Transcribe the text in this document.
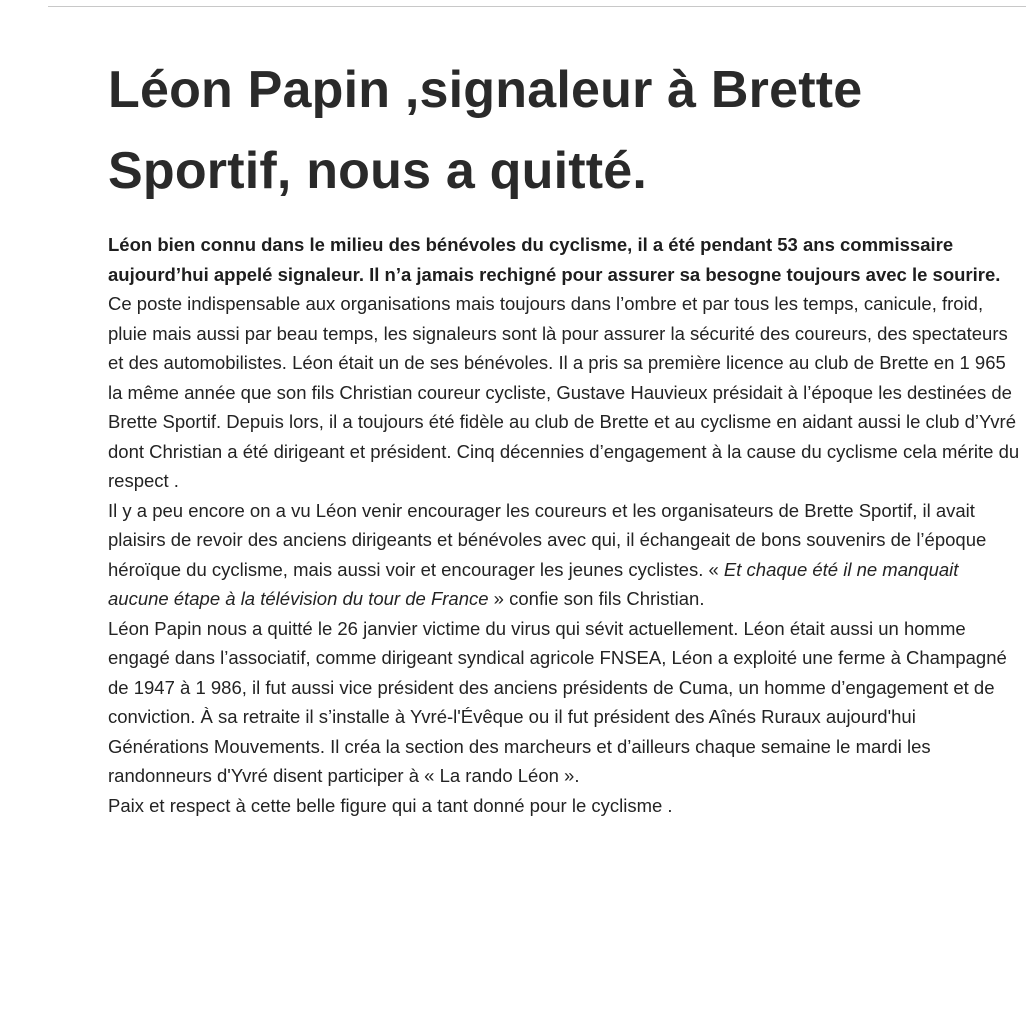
Léon Papin ,signaleur à Brette Sportif, nous a quitté.

Léon bien connu dans le milieu des bénévoles du cyclisme, il a été pendant 53 ans commissaire aujourd’hui appelé signaleur. Il n’a jamais rechigné pour assurer sa besogne toujours avec le sourire.

Ce poste indispensable aux organisations mais toujours dans l’ombre et par tous les temps, canicule, froid, pluie mais aussi par beau temps, les signaleurs sont là pour assurer la sécurité des coureurs, des spectateurs et des automobilistes. Léon était un de ses bénévoles. Il a pris sa première licence au club de Brette en 1 965 la même année que son fils Christian coureur cycliste, Gustave Hauvieux présidait à l’époque les destinées de Brette Sportif. Depuis lors, il a toujours été fidèle au club de Brette et au cyclisme en aidant aussi le club d’Yvré dont Christian a été dirigeant et président. Cinq décennies d’engagement à la cause du cyclisme cela mérite du respect .

Il y a peu encore on a vu Léon venir encourager les coureurs et les organisateurs de Brette Sportif, il avait plaisirs de revoir des anciens dirigeants et bénévoles avec qui, il échangeait de bons souvenirs de l’époque héroïque du cyclisme, mais aussi voir et encourager les jeunes cyclistes. « Et chaque été il ne manquait aucune étape à la télévision du tour de France » confie son fils Christian.

Léon Papin nous a quitté le 26 janvier victime du virus qui sévit actuellement. Léon était aussi un homme engagé dans l’associatif, comme dirigeant syndical agricole FNSEA, Léon a exploité une ferme à Champagné de 1947 à 1 986, il fut aussi vice président des anciens présidents de Cuma, un homme d’engagement et de conviction. À sa retraite il s’installe à Yvré-l'Évêque ou il fut président des Aînés Ruraux aujourd'hui Générations Mouvements. Il créa la section des marcheurs et d’ailleurs chaque semaine le mardi les randonneurs d'Yvré disent participer à « La rando Léon ».

Paix et respect à cette belle figure qui a tant donné pour le cyclisme .
